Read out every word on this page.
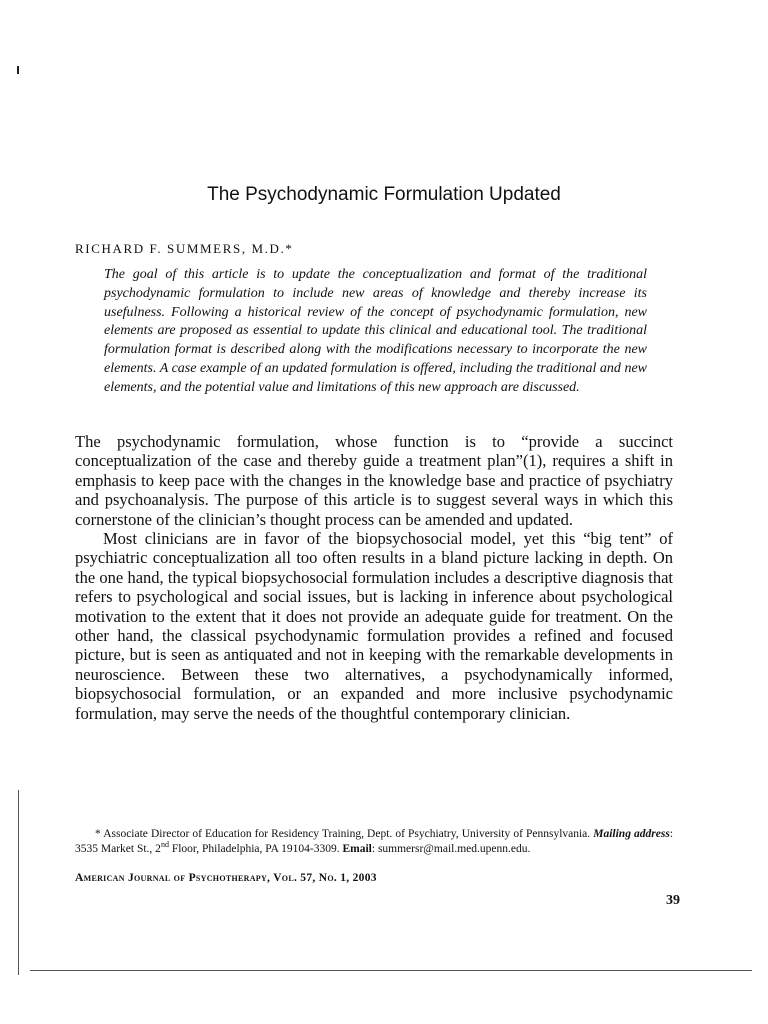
The Psychodynamic Formulation Updated
RICHARD F. SUMMERS, M.D.*

The goal of this article is to update the conceptualization and format of the traditional psychodynamic formulation to include new areas of knowledge and thereby increase its usefulness. Following a historical review of the concept of psychodynamic formulation, new elements are proposed as essential to update this clinical and educational tool. The traditional formulation format is described along with the modifications necessary to incorporate the new elements. A case example of an updated formulation is offered, including the traditional and new elements, and the potential value and limitations of this new approach are discussed.

The psychodynamic formulation, whose function is to “provide a succinct conceptualization of the case and thereby guide a treatment plan”(1), requires a shift in emphasis to keep pace with the changes in the knowledge base and practice of psychiatry and psychoanalysis. The purpose of this article is to suggest several ways in which this cornerstone of the clinician’s thought process can be amended and updated.

Most clinicians are in favor of the biopsychosocial model, yet this “big tent” of psychiatric conceptualization all too often results in a bland picture lacking in depth. On the one hand, the typical biopsychosocial formulation includes a descriptive diagnosis that refers to psychological and social issues, but is lacking in inference about psychological motivation to the extent that it does not provide an adequate guide for treatment. On the other hand, the classical psychodynamic formulation provides a refined and focused picture, but is seen as antiquated and not in keeping with the remarkable developments in neuroscience. Between these two alternatives, a psychodynamically informed, biopsychosocial formulation, or an expanded and more inclusive psychodynamic formulation, may serve the needs of the thoughtful contemporary clinician.

* Associate Director of Education for Residency Training, Dept. of Psychiatry, University of Pennsylvania. Mailing address: 3535 Market St., 2nd Floor, Philadelphia, PA 19104-3309. Email: summersr@mail.med.upenn.edu.

American Journal of Psychotherapy, Vol. 57, No. 1, 2003
39
